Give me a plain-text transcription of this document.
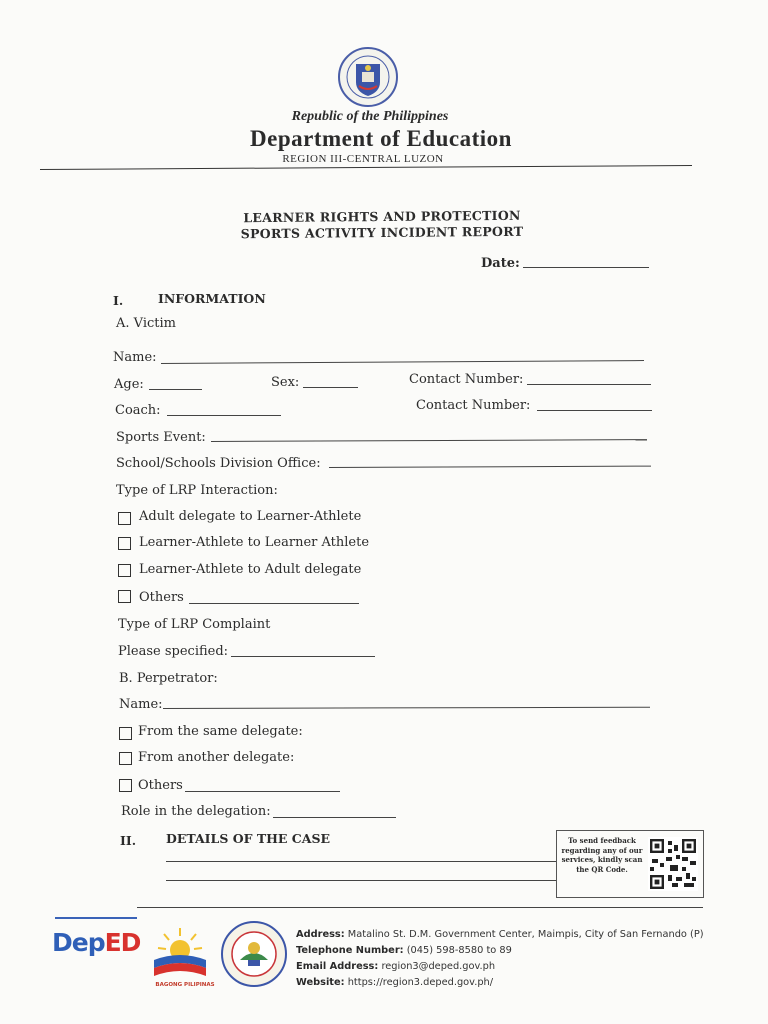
Republic of the Philippines
Department of Education
REGION III-CENTRAL LUZON
LEARNER RIGHTS AND PROTECTION
SPORTS ACTIVITY INCIDENT REPORT
Date:
I.	INFORMATION
A. Victim
Name:
Age:	Sex:	Contact Number:
Coach:	Contact Number:
Sports Event:
School/Schools Division Office:
Type of LRP Interaction:
Adult delegate to Learner-Athlete
Learner-Athlete to Learner Athlete
Learner-Athlete to Adult delegate
Others
Type of LRP Complaint
Please specified:
B. Perpetrator:
Name:
From the same delegate:
From another delegate:
Others
Role in the delegation:
II. DETAILS OF THE CASE	To send feedback regarding any of our services, kindly scan the QR Code.
DepED
BAGONG PILIPINAS
Address: Matalino St. D.M. Government Center, Maimpis, City of San Fernando (P)
Telephone Number: (045) 598-8580 to 89
Email Address: region3@deped.gov.ph
Website: https://region3.deped.gov.ph/
